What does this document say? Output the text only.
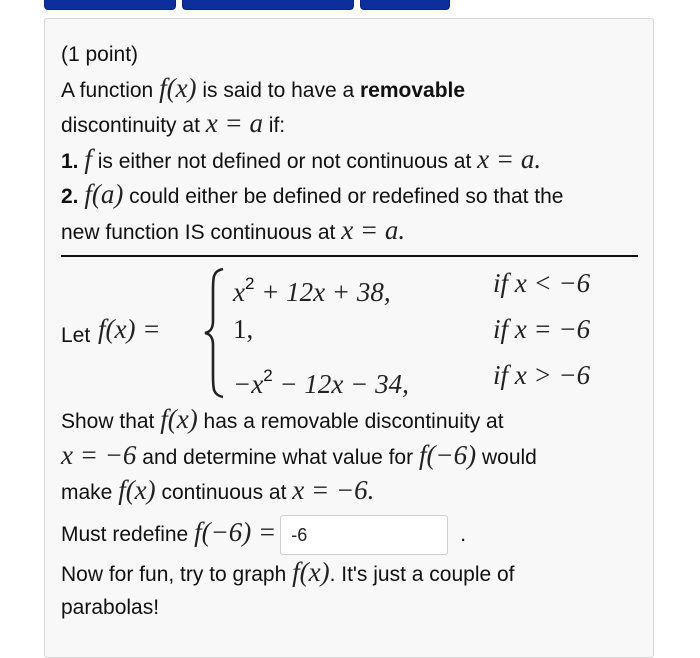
(1 point)
A function f(x) is said to have a removable
discontinuity at x = a if:
1. f is either not defined or not continuous at x = a.
2. f(a) could either be defined or redefined so that the
new function IS continuous at x = a.
Let f(x) =
$x^2 + 12x + 38$,	if x < −6
1,	if x = −6
$-x^2 - 12x - 34$,	if x > −6
Show that f(x) has a removable discontinuity at
x = −6 and determine what value for f(−6) would
make f(x) continuous at x = −6.
Must redefine f(−6) = -6	.
Now for fun, try to graph f(x). It's just a couple of
parabolas!
